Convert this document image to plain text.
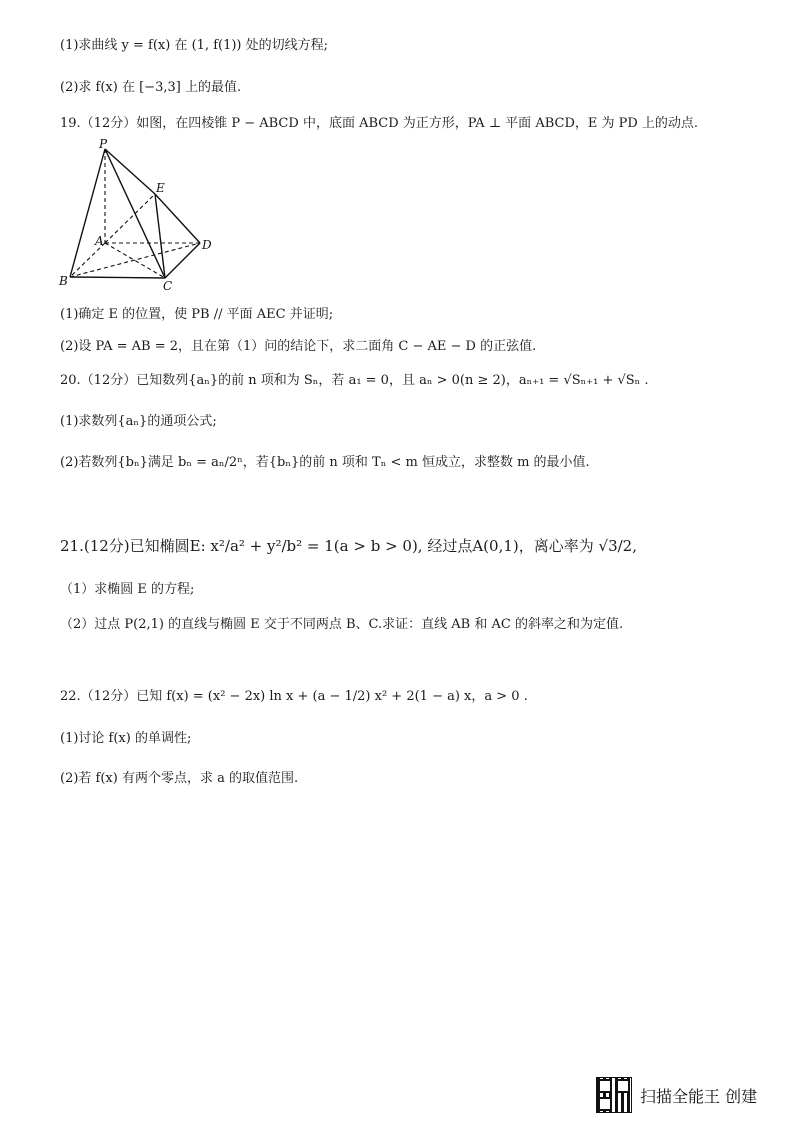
(1)求曲线 y = f(x) 在 (1, f(1)) 处的切线方程;
(2)求 f(x) 在 [−3,3] 上的最值.
19.（12分）如图，在四棱锥 P − ABCD 中，底面 ABCD 为正方形，PA ⊥ 平面 ABCD，E 为 PD 上的动点.
P
E
A	D
B	C
(1)确定 E 的位置，使 PB // 平面 AEC 并证明;
(2)设 PA = AB = 2，且在第（1）问的结论下，求二面角 C − AE − D 的正弦值.
20.（12分）已知数列{aₙ}的前 n 项和为 Sₙ，若 a₁ = 0，且 aₙ > 0(n ≥ 2)，aₙ₊₁ = √Sₙ₊₁ + √Sₙ .
(1)求数列{aₙ}的通项公式;
(2)若数列{bₙ}满足 bₙ = aₙ/2ⁿ，若{bₙ}的前 n 项和 Tₙ < m 恒成立，求整数 m 的最小值.
21.(12分)已知椭圆E: x²/a² + y²/b² = 1(a > b > 0), 经过点A(0,1)，离心率为 √3/2,
（1）求椭圆 E 的方程;
（2）过点 P(2,1) 的直线与椭圆 E 交于不同两点 B、C.求证：直线 AB 和 AC 的斜率之和为定值.
22.（12分）已知 f(x) = (x² − 2x) ln x + (a − 1/2) x² + 2(1 − a) x，a > 0 .
(1)讨论 f(x) 的单调性;
(2)若 f(x) 有两个零点，求 a 的取值范围.
扫描全能王 创建
